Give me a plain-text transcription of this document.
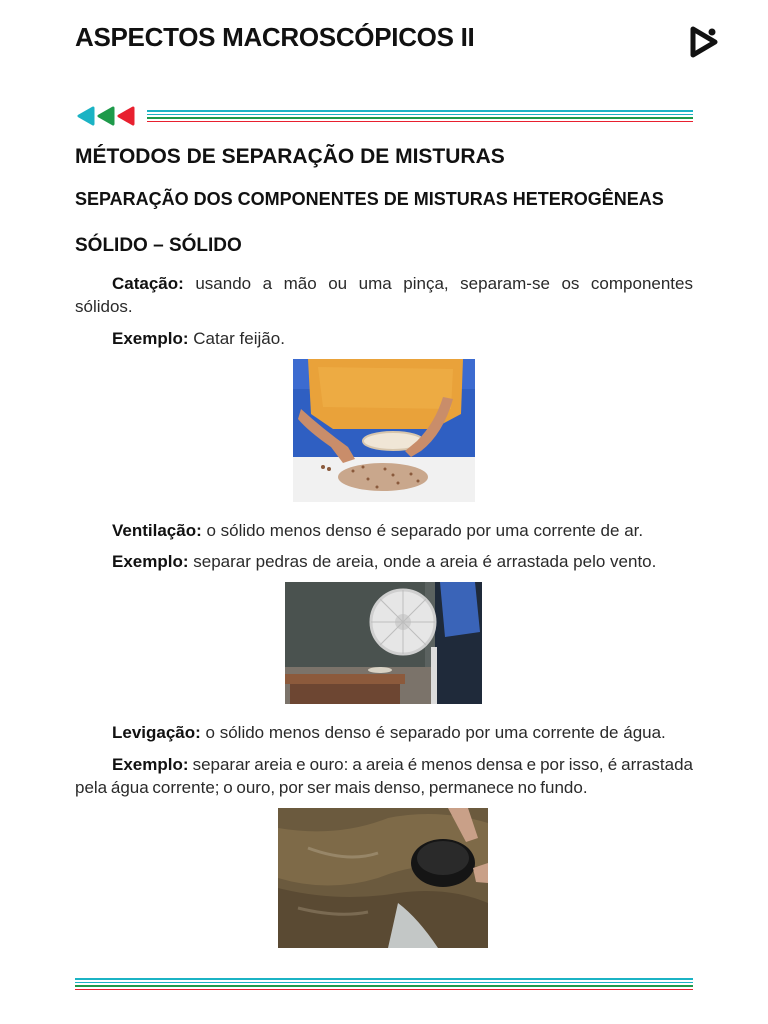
ASPECTOS MACROSCÓPICOS II
MÉTODOS DE SEPARAÇÃO DE MISTURAS
SEPARAÇÃO DOS COMPONENTES DE MISTURAS HETEROGÊNEAS
SÓLIDO – SÓLIDO
Catação: usando a mão ou uma pinça, separam-se os componentes sólidos.
Exemplo: Catar feijão.
Ventilação: o sólido menos denso é separado por uma corrente de ar.
Exemplo: separar pedras de areia, onde a areia é arrastada pelo vento.
Levigação: o sólido menos denso é separado por uma corrente de água.
Exemplo: separar areia e ouro: a areia é menos densa e por isso, é arrastada pela água corrente; o ouro, por ser mais denso, permanece no fundo.
